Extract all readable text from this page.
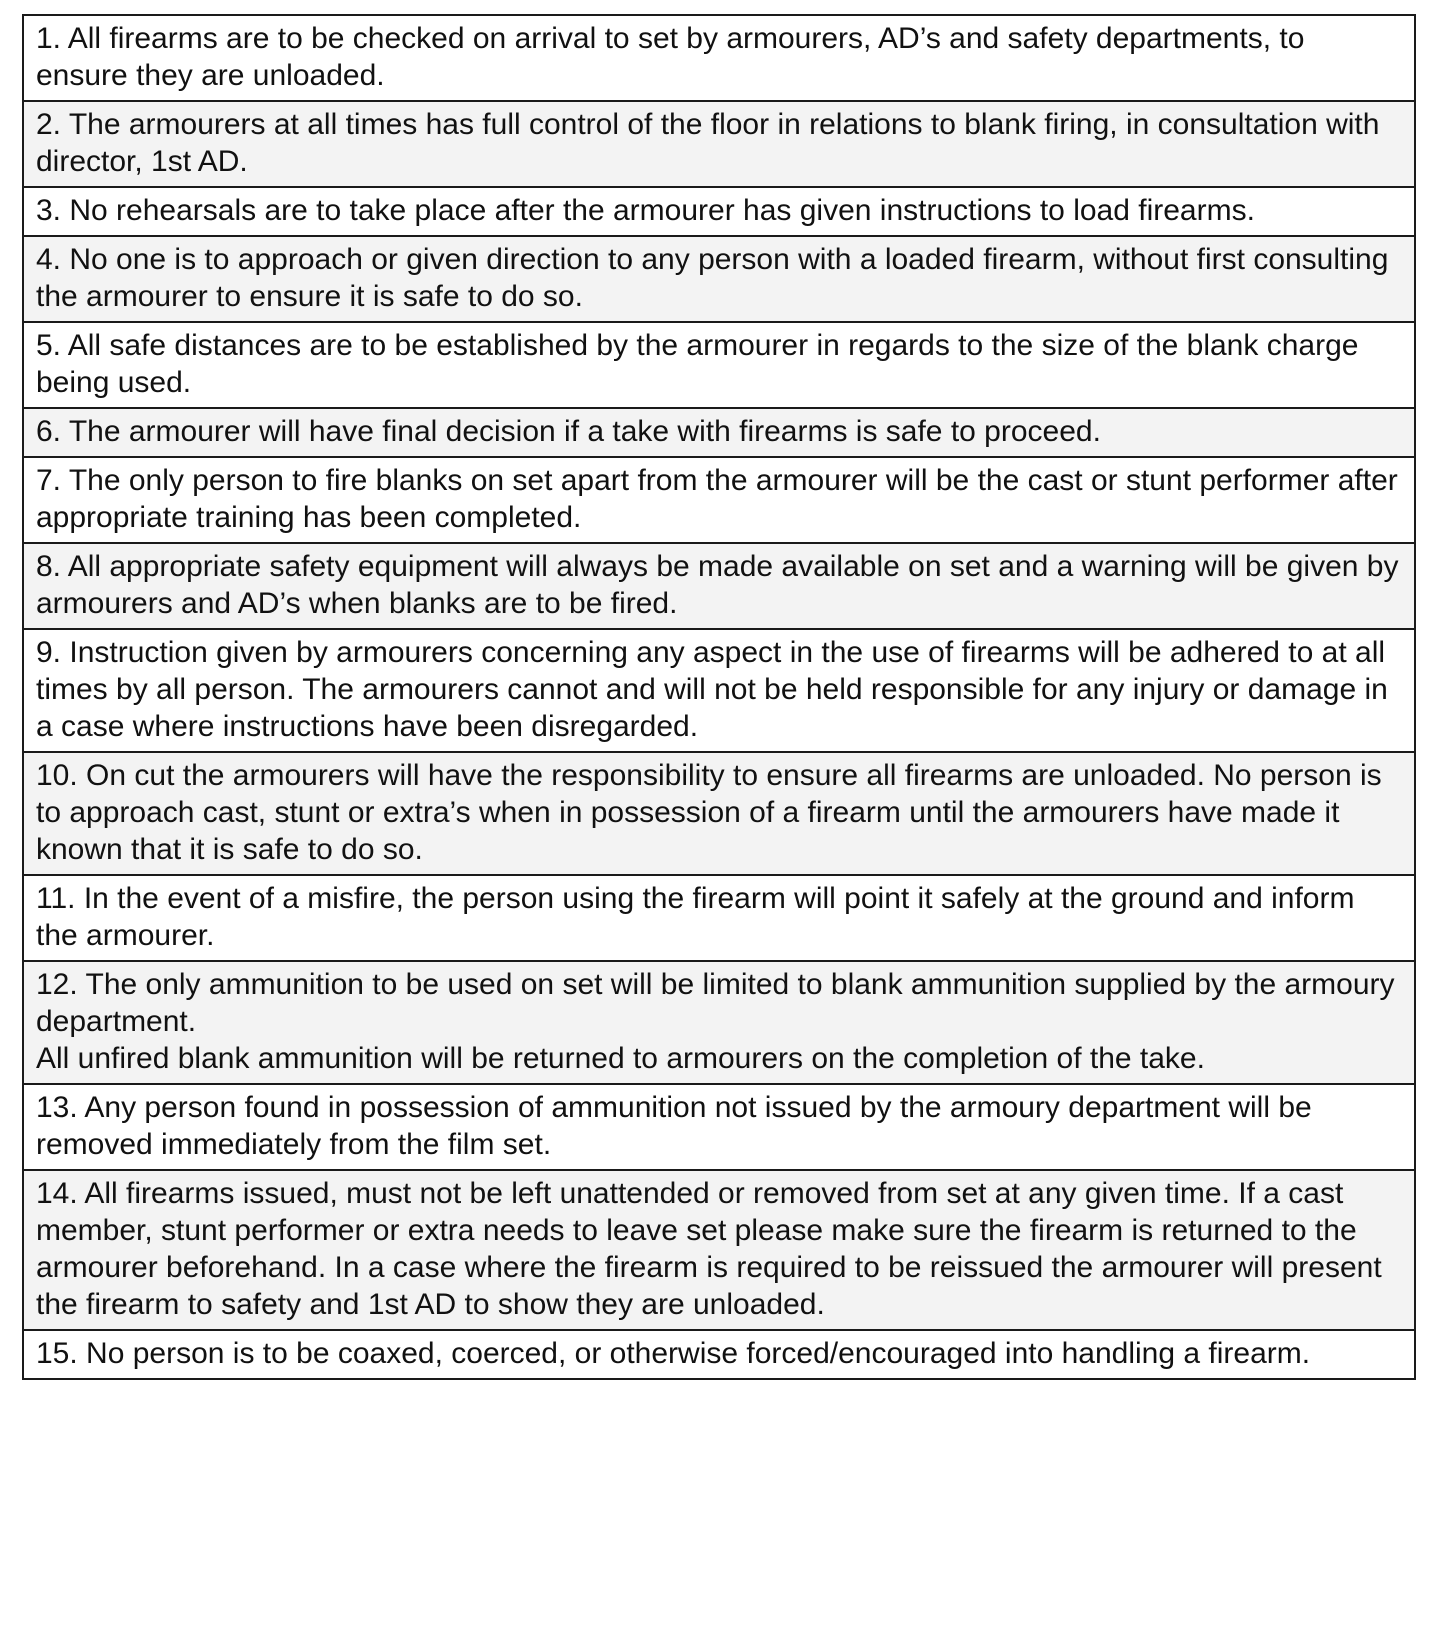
1. All firearms are to be checked on arrival to set by armourers, AD’s and safety departments, to ensure they are unloaded.
2. The armourers at all times has full control of the floor in relations to blank firing, in consultation with director, 1st AD.
3. No rehearsals are to take place after the armourer has given instructions to load firearms.
4. No one is to approach or given direction to any person with a loaded firearm, without first consulting the armourer to ensure it is safe to do so.
5. All safe distances are to be established by the armourer in regards to the size of the blank charge being used.
6. The armourer will have final decision if a take with firearms is safe to proceed.
7. The only person to fire blanks on set apart from the armourer will be the cast or stunt performer after appropriate training has been completed.
8. All appropriate safety equipment will always be made available on set and a warning will be given by armourers and AD’s when blanks are to be fired.
9. Instruction given by armourers concerning any aspect in the use of firearms will be adhered to at all times by all person. The armourers cannot and will not be held responsible for any injury or damage in a case where instructions have been disregarded.
10. On cut the armourers will have the responsibility to ensure all firearms are unloaded. No person is to approach cast, stunt or extra’s when in possession of a firearm until the armourers have made it known that it is safe to do so.
11. In the event of a misfire, the person using the firearm will point it safely at the ground and inform the armourer.
12. The only ammunition to be used on set will be limited to blank ammunition supplied by the armoury department.
All unfired blank ammunition will be returned to armourers on the completion of the take.
13. Any person found in possession of ammunition not issued by the armoury department will be removed immediately from the film set.
14. All firearms issued, must not be left unattended or removed from set at any given time. If a cast member, stunt performer or extra needs to leave set please make sure the firearm is returned to the armourer beforehand. In a case where the firearm is required to be reissued the armourer will present the firearm to safety and 1st AD to show they are unloaded.
15. No person is to be coaxed, coerced, or otherwise forced/encouraged into handling a firearm.
